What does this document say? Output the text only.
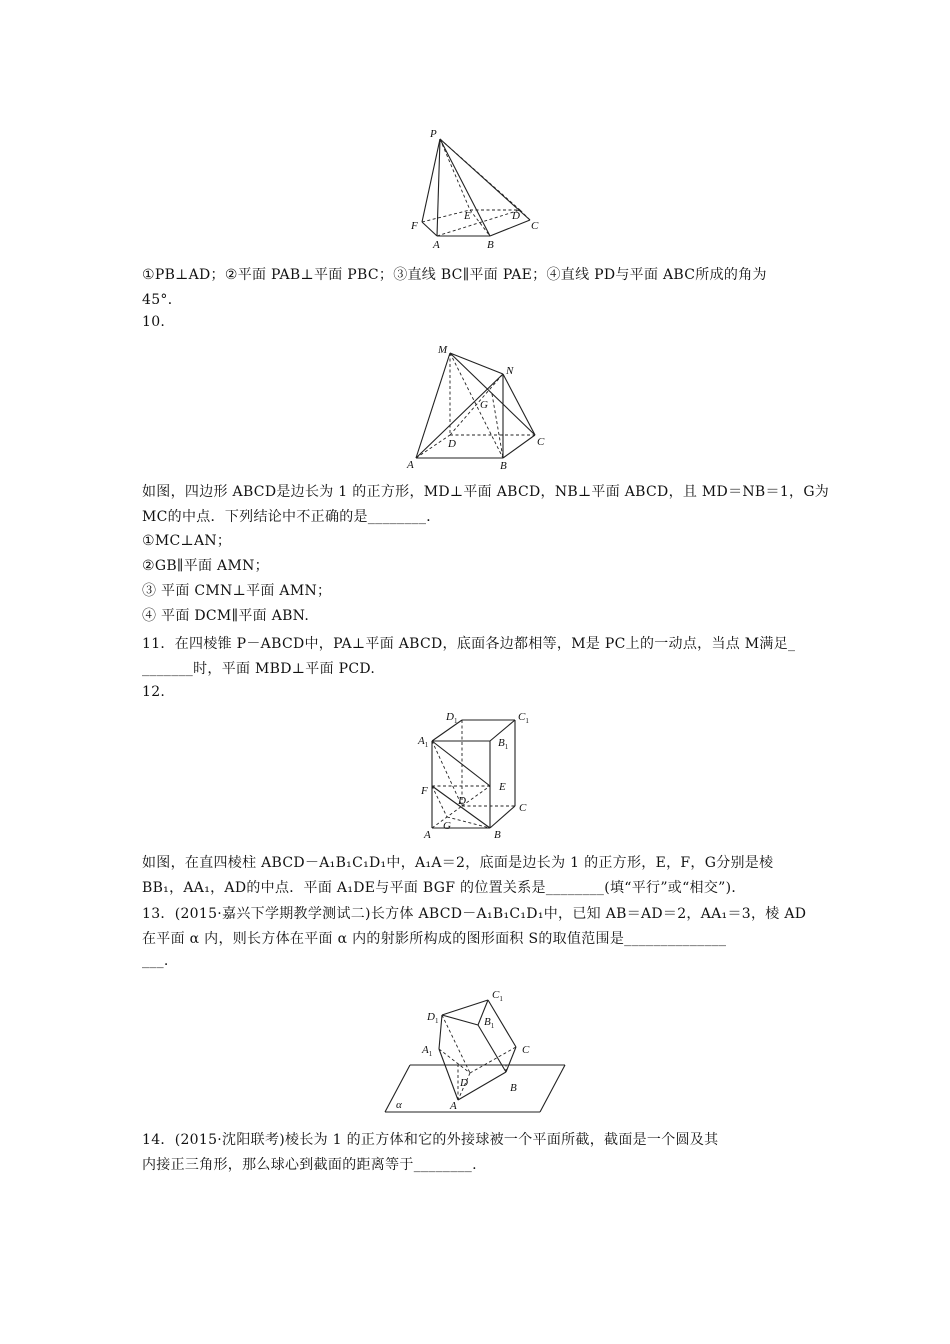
P
F
A	B
C
D
E
①PB⊥AD；②平面 PAB⊥平面 PBC；③直线 BC∥平面 PAE；④直线 PD与平面 ABC所成的角为
45°．
10.
M
N
G
D	C
A	B
如图，四边形 ABCD是边长为 1 的正方形，MD⊥平面 ABCD，NB⊥平面 ABCD，且 MD＝NB＝1，G为
MC的中点．下列结论中不正确的是________．
①MC⊥AN；
②GB∥平面 AMN；
③ 平面 CMN⊥平面 AMN；
④ 平面 DCM∥平面 ABN.
11．在四棱锥 P－ABCD中，PA⊥平面 ABCD，底面各边都相等，M是 PC上的一动点，当点 M满足_
_______时，平面 MBD⊥平面 PCD.
12.
$D_1$	$C_1$
$A_1$	$B_1$
E
F
D
C
A
G
B
如图，在直四棱柱 ABCD－A₁B₁C₁D₁中，A₁A＝2，底面是边长为 1 的正方形，E，F，G分别是棱
BB₁，AA₁，AD的中点．平面 A₁DE与平面 BGF 的位置关系是________(填“平行”或“相交”)．
13．(2015·嘉兴下学期教学测试二)长方体 ABCD－A₁B₁C₁D₁中，已知 AB＝AD＝2，AA₁＝3，棱 AD
在平面 α 内，则长方体在平面 α 内的射影所构成的图形面积 S的取值范围是______________
___.
$C_1$
$D_1$	$B_1$
$A_1$	C
D	B
A
α
14．(2015·沈阳联考)棱长为 1 的正方体和它的外接球被一个平面所截，截面是一个圆及其
内接正三角形，那么球心到截面的距离等于________.
